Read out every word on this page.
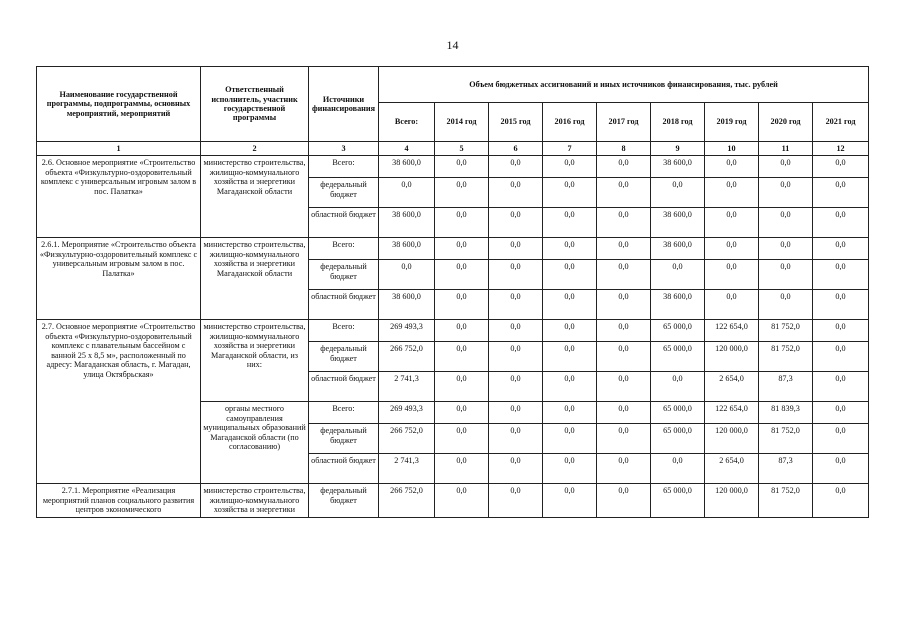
14
Наименование государственной программы, подпрограммы, основных мероприятий, мероприятий	Ответственный исполнитель, участник государственной программы	Источники финансирования	Объем бюджетных ассигнований и иных источников финансирования, тыс. рублей								
			Всего:	2014 год	2015 год	2016 год	2017 год	2018 год	2019 год	2020 год	2021 год
1	2	3	4	5	6	7	8	9	10	11	12
2.6. Основное мероприятие «Строительство объекта «Физкультурно-оздоровительный комплекс с универсальным игровым залом в пос. Палатка»	министерство строительства, жилищно-коммунального хозяйства и энергетики Магаданской области	Всего:	38 600,0	0,0	0,0	0,0	0,0	38 600,0	0,0	0,0	0,0
		федеральный бюджет	0,0	0,0	0,0	0,0	0,0	0,0	0,0	0,0	0,0
		областной бюджет	38 600,0	0,0	0,0	0,0	0,0	38 600,0	0,0	0,0	0,0
2.6.1. Мероприятие «Строительство объекта «Физкультурно-оздоровительный комплекс с универсальным игровым залом в пос. Палатка»	министерство строительства, жилищно-коммунального хозяйства и энергетики Магаданской области	Всего:	38 600,0	0,0	0,0	0,0	0,0	38 600,0	0,0	0,0	0,0
		федеральный бюджет	0,0	0,0	0,0	0,0	0,0	0,0	0,0	0,0	0,0
		областной бюджет	38 600,0	0,0	0,0	0,0	0,0	38 600,0	0,0	0,0	0,0
2.7. Основное мероприятие «Строительство объекта «Физкультурно-оздоровительный комплекс с плавательным бассейном с ванной 25 х 8,5 м», расположенный по адресу: Магаданская область, г. Магадан, улица Октябрьская»	министерство строительства, жилищно-коммунального хозяйства и энергетики Магаданской области, из них:	Всего:	269 493,3	0,0	0,0	0,0	0,0	65 000,0	122 654,0	81 752,0	0,0
		федеральный бюджет	266 752,0	0,0	0,0	0,0	0,0	65 000,0	120 000,0	81 752,0	0,0
		областной бюджет	2 741,3	0,0	0,0	0,0	0,0	0,0	2 654,0	87,3	0,0
	органы местного самоуправления муниципальных образований Магаданской области (по согласованию)	Всего:	269 493,3	0,0	0,0	0,0	0,0	65 000,0	122 654,0	81 839,3	0,0
		федеральный бюджет	266 752,0	0,0	0,0	0,0	0,0	65 000,0	120 000,0	81 752,0	0,0
		областной бюджет	2 741,3	0,0	0,0	0,0	0,0	0,0	2 654,0	87,3	0,0
2.7.1. Мероприятие «Реализация мероприятий планов социального развития центров экономического	министерство строительства, жилищно-коммунального хозяйства и энергетики	федеральный бюджет	266 752,0	0,0	0,0	0,0	0,0	65 000,0	120 000,0	81 752,0	0,0
